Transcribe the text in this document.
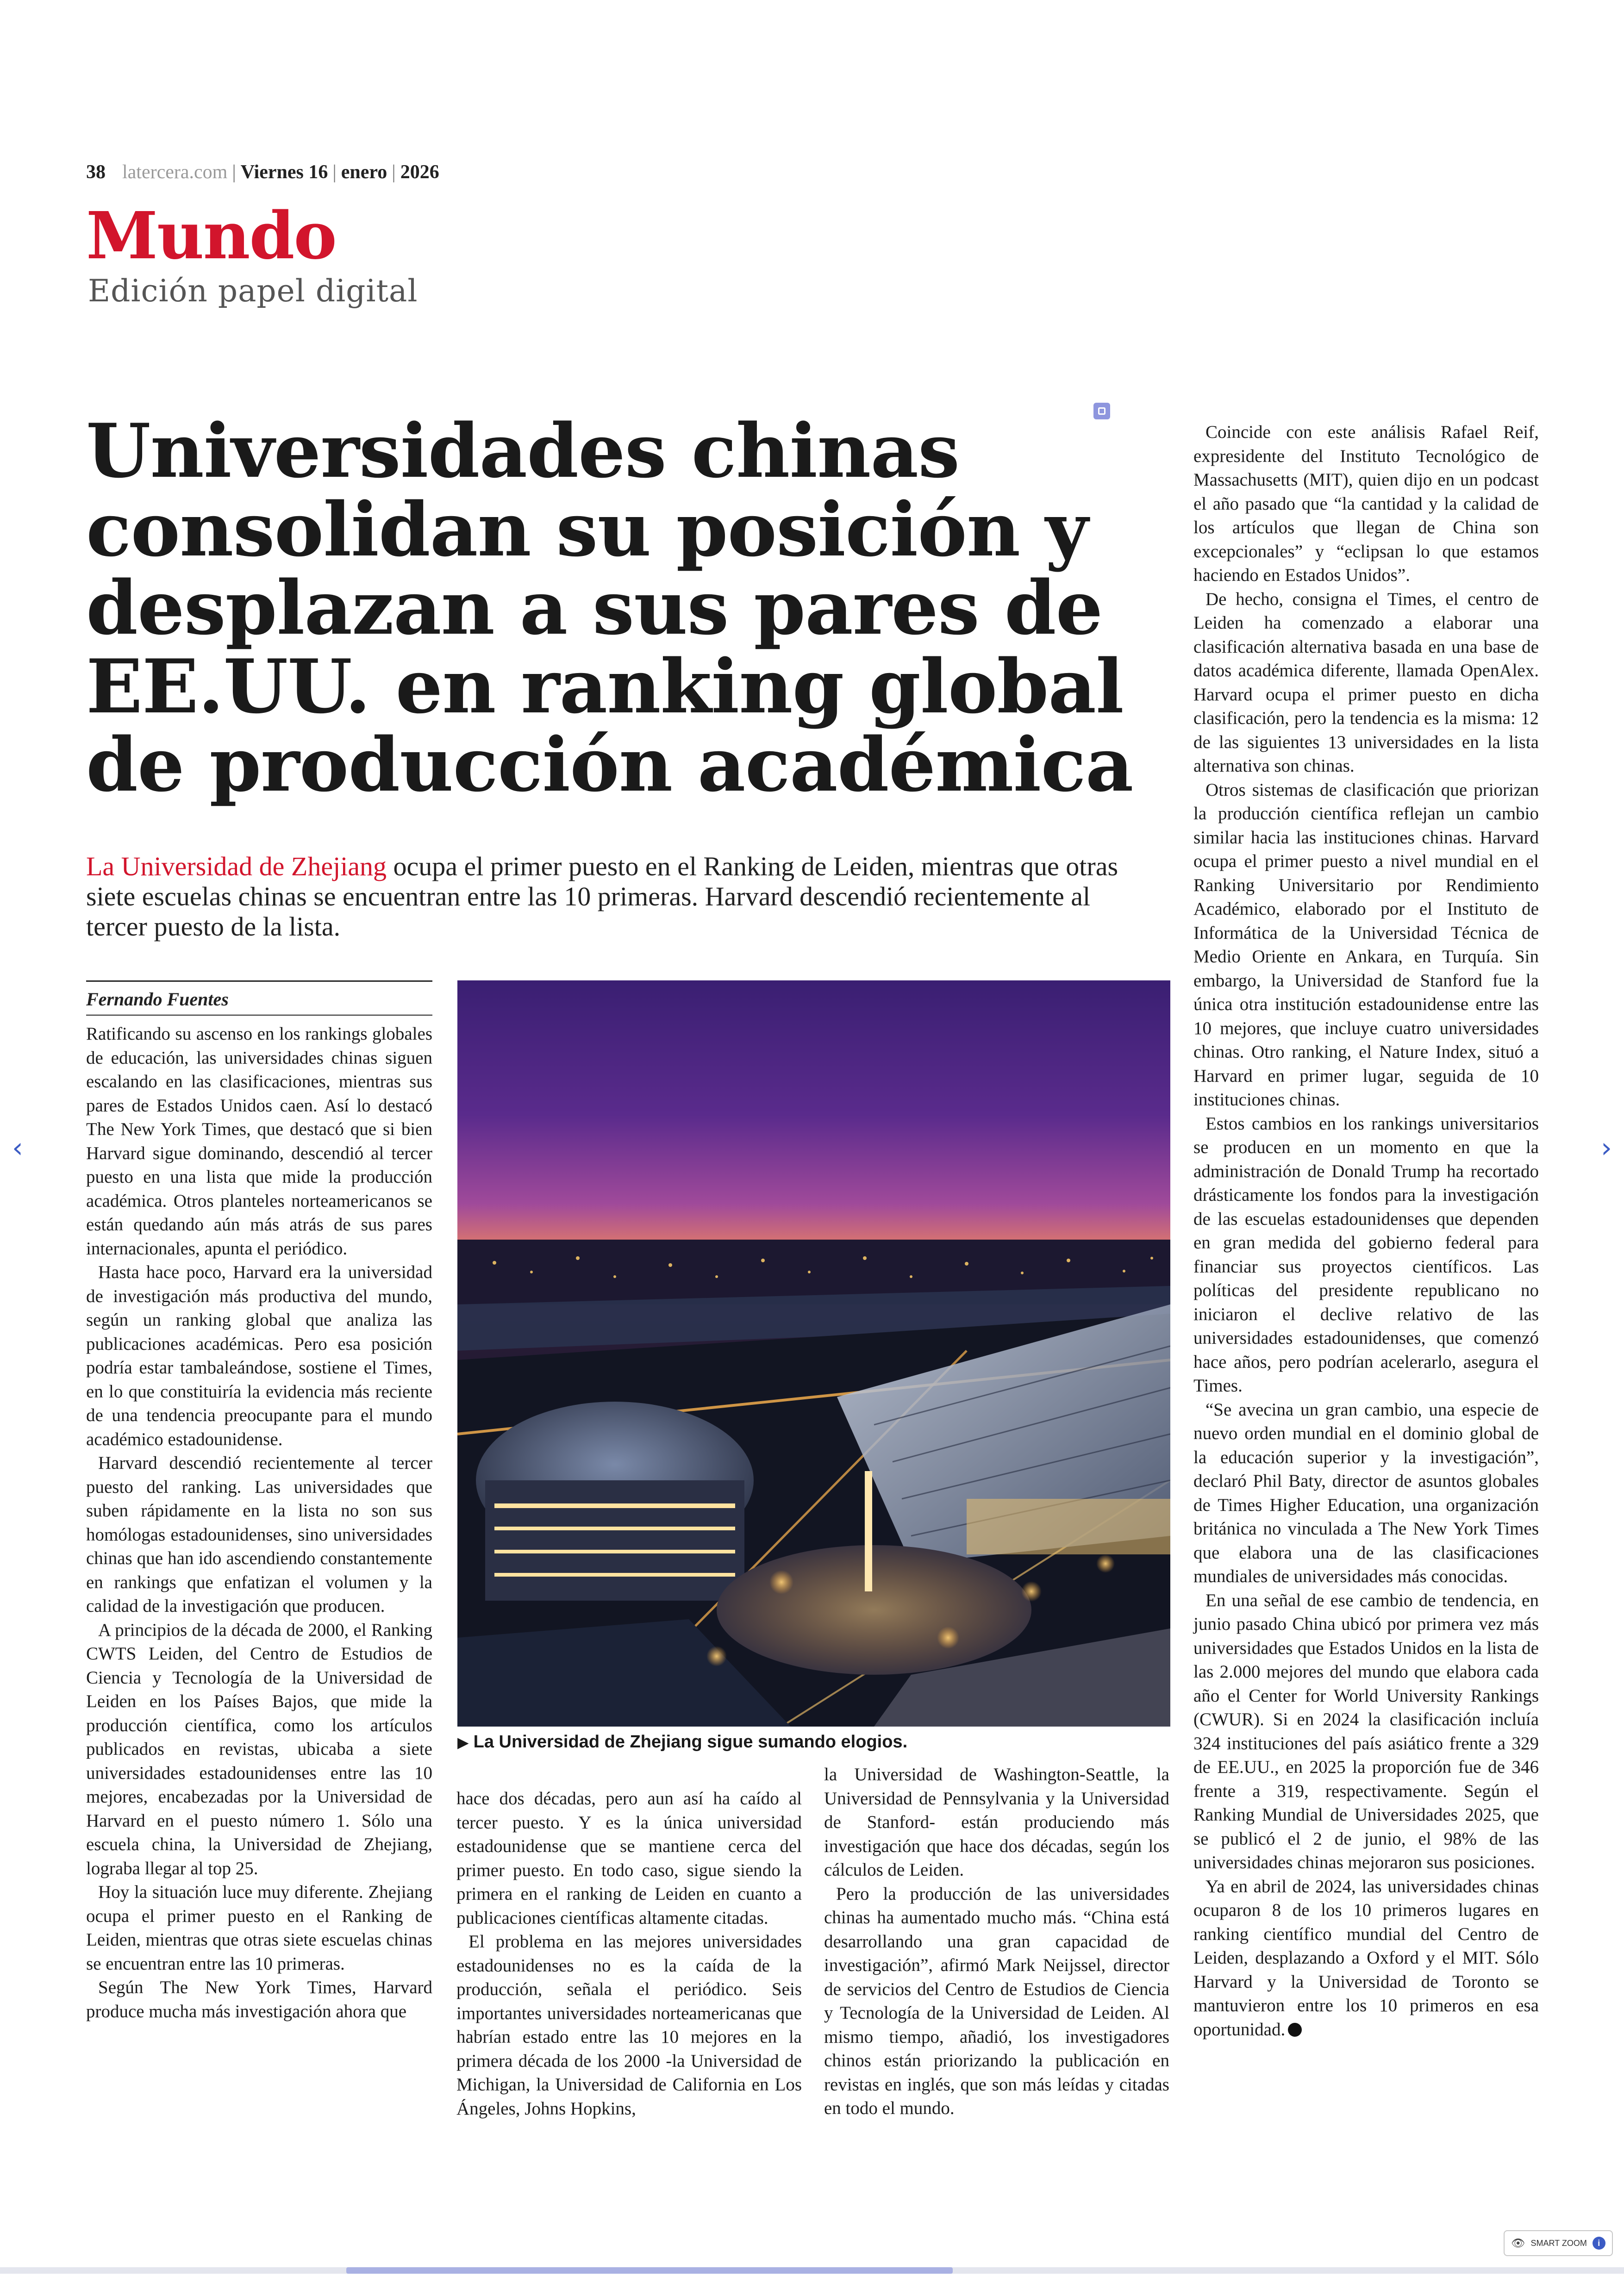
38 latercera.com | Viernes 16 | enero | 2026
Mundo
Edición papel digital
Universidades chinas
consolidan su posición y
desplazan a sus pares de
EE.UU. en ranking global
de producción académica

La Universidad de Zhejiang ocupa el primer puesto en el Ranking de Leiden, mientras que otras siete escuelas chinas se encuentran entre las 10 primeras. Harvard descendió recientemente al tercer puesto de la lista.

Fernando Fuentes

Ratificando su ascenso en los rankings globales de educación, las universidades chinas siguen escalando en las clasificaciones, mientras sus pares de Estados Unidos caen. Así lo destacó The New York Times, que destacó que si bien Harvard sigue dominando, descendió al tercer puesto en una lista que mide la producción académica. Otros planteles norteamericanos se están quedando aún más atrás de sus pares internacionales, apunta el periódico.

Hasta hace poco, Harvard era la universidad de investigación más productiva del mundo, según un ranking global que analiza las publicaciones académicas. Pero esa posición podría estar tambaleándose, sostiene el Times, en lo que constituiría la evidencia más reciente de una tendencia preocupante para el mundo académico estadounidense.

Harvard descendió recientemente al tercer puesto del ranking. Las universidades que suben rápidamente en la lista no son sus homólogas estadounidenses, sino universidades chinas que han ido ascendiendo constantemente en rankings que enfatizan el volumen y la calidad de la investigación que producen.

A principios de la década de 2000, el Ranking CWTS Leiden, del Centro de Estudios de Ciencia y Tecnología de la Universidad de Leiden en los Países Bajos, que mide la producción científica, como los artículos publicados en revistas, ubicaba a siete universidades estadounidenses entre las 10 mejores, encabezadas por la Universidad de Harvard en el puesto número 1. Sólo una escuela china, la Universidad de Zhejiang, lograba llegar al top 25.

Hoy la situación luce muy diferente. Zhejiang ocupa el primer puesto en el Ranking de Leiden, mientras que otras siete escuelas chinas se encuentran entre las 10 primeras.

Según The New York Times, Harvard produce mucha más investigación ahora que

▶ La Universidad de Zhejiang sigue sumando elogios.

hace dos décadas, pero aun así ha caído al tercer puesto. Y es la única universidad estadounidense que se mantiene cerca del primer puesto. En todo caso, sigue siendo la primera en el ranking de Leiden en cuanto a publicaciones científicas altamente citadas.

El problema en las mejores universidades estadounidenses no es la caída de la producción, señala el periódico. Seis importantes universidades norteamericanas que habrían estado entre las 10 mejores en la primera década de los 2000 -la Universidad de Michigan, la Universidad de California en Los Ángeles, Johns Hopkins,

la Universidad de Washington-Seattle, la Universidad de Pennsylvania y la Universidad de Stanford- están produciendo más investigación que hace dos décadas, según los cálculos de Leiden.

Pero la producción de las universidades chinas ha aumentado mucho más. “China está desarrollando una gran capacidad de investigación”, afirmó Mark Neijssel, director de servicios del Centro de Estudios de Ciencia y Tecnología de la Universidad de Leiden. Al mismo tiempo, añadió, los investigadores chinos están priorizando la publicación en revistas en inglés, que son más leídas y citadas en todo el mundo.

Coincide con este análisis Rafael Reif, expresidente del Instituto Tecnológico de Massachusetts (MIT), quien dijo en un podcast el año pasado que “la cantidad y la calidad de los artículos que llegan de China son excepcionales” y “eclipsan lo que estamos haciendo en Estados Unidos”.

De hecho, consigna el Times, el centro de Leiden ha comenzado a elaborar una clasificación alternativa basada en una base de datos académica diferente, llamada OpenAlex. Harvard ocupa el primer puesto en dicha clasificación, pero la tendencia es la misma: 12 de las siguientes 13 universidades en la lista alternativa son chinas.

Otros sistemas de clasificación que priorizan la producción científica reflejan un cambio similar hacia las instituciones chinas. Harvard ocupa el primer puesto a nivel mundial en el Ranking Universitario por Rendimiento Académico, elaborado por el Instituto de Informática de la Universidad Técnica de Medio Oriente en Ankara, en Turquía. Sin embargo, la Universidad de Stanford fue la única otra institución estadounidense entre las 10 mejores, que incluye cuatro universidades chinas. Otro ranking, el Nature Index, situó a Harvard en primer lugar, seguida de 10 instituciones chinas.

Estos cambios en los rankings universitarios se producen en un momento en que la administración de Donald Trump ha recortado drásticamente los fondos para la investigación de las escuelas estadounidenses que dependen en gran medida del gobierno federal para financiar sus proyectos científicos. Las políticas del presidente republicano no iniciaron el declive relativo de las universidades estadounidenses, que comenzó hace años, pero podrían acelerarlo, asegura el Times.

“Se avecina un gran cambio, una especie de nuevo orden mundial en el dominio global de la educación superior y la investigación”, declaró Phil Baty, director de asuntos globales de Times Higher Education, una organización británica no vinculada a The New York Times que elabora una de las clasificaciones mundiales de universidades más conocidas.

En una señal de ese cambio de tendencia, en junio pasado China ubicó por primera vez más universidades que Estados Unidos en la lista de las 2.000 mejores del mundo que elabora cada año el Center for World University Rankings (CWUR). Si en 2024 la clasificación incluía 324 instituciones del país asiático frente a 329 de EE.UU., en 2025 la proporción fue de 346 frente a 319, respectivamente. Según el Ranking Mundial de Universidades 2025, que se publicó el 2 de junio, el 98% de las universidades chinas mejoraron sus posiciones.

Ya en abril de 2024, las universidades chinas ocuparon 8 de los 10 primeros lugares en ranking científico mundial del Centro de Leiden, desplazando a Oxford y el MIT. Sólo Harvard y la Universidad de Toronto se mantuvieron entre los 10 primeros en esa oportunidad.

‹	›
👁 SMART ZOOM	i
